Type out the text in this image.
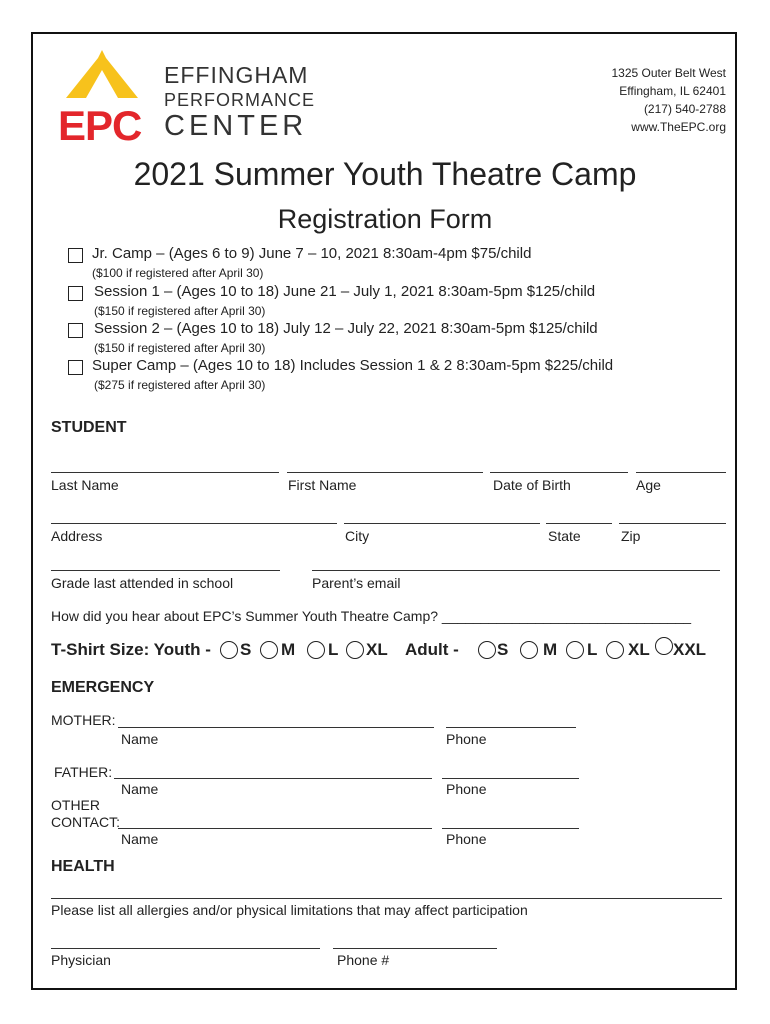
EPC
EFFINGHAM
PERFORMANCE
CENTER
1325 Outer Belt West
Effingham, IL 62401
(217) 540-2788
www.TheEPC.org
2021 Summer Youth Theatre Camp
Registration Form
Jr. Camp – (Ages 6 to 9) June 7 – 10, 2021 8:30am-4pm $75/child
($100 if registered after April 30)
Session 1 – (Ages 10 to 18) June 21 – July 1, 2021 8:30am-5pm $125/child
($150 if registered after April 30)
Session 2 – (Ages 10 to 18) July 12 – July 22, 2021 8:30am-5pm $125/child
($150 if registered after April 30)
Super Camp – (Ages 10 to 18) Includes Session 1 & 2 8:30am-5pm $225/child
($275 if registered after April 30)
STUDENT
Last Name	First Name	Date of Birth	Age
Address	City	State	Zip
Grade last attended in school	Parent’s email
How did you hear about EPC’s Summer Youth Theatre Camp? ________________________________
T-Shirt Size: Youth - S M L XL Adult - S M L XL XXL
EMERGENCY
MOTHER:
Name	Phone
FATHER:
Name	Phone
OTHER
CONTACT:
Name	Phone
HEALTH
Please list all allergies and/or physical limitations that may affect participation
Physician	Phone #
